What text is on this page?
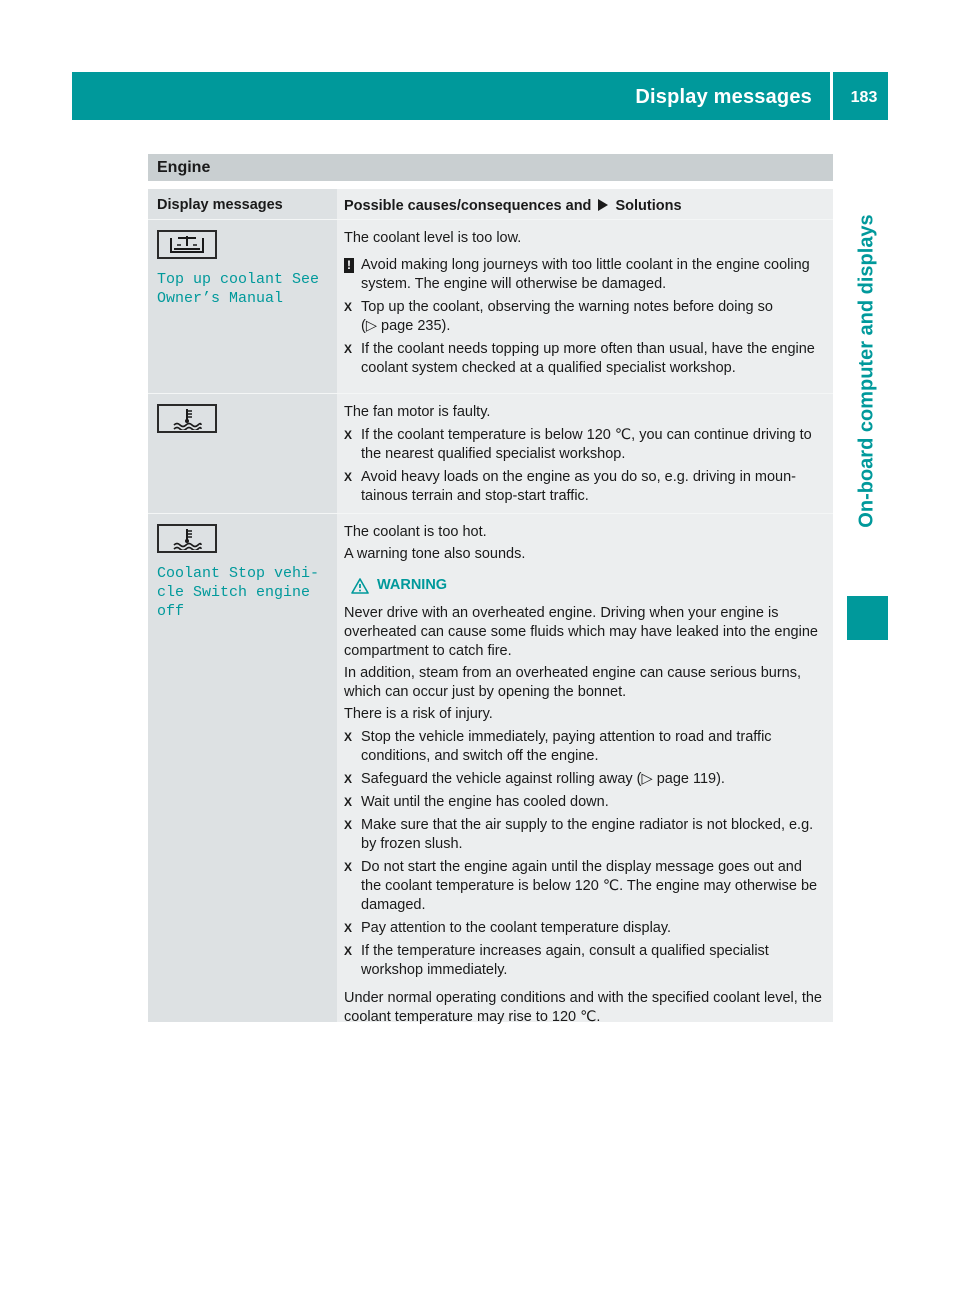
Display messages	183
On-board computer and displays
Engine
Display messages	Possible causes/consequences and Solutions
Top up coolant See
Owner’s Manual

The coolant level is too low.

! Avoid making long journeys with too little coolant in the engine cooling system. The engine will otherwise be damaged.
X Top up the coolant, observing the warning notes before doing so
(▷ page 235).
X If the coolant needs topping up more often than usual, have the engine coolant system checked at a qualified specialist workshop.

The fan motor is faulty.

X If the coolant temperature is below 120 ℃, you can continue driving to the nearest qualified specialist workshop.
X Avoid heavy loads on the engine as you do so, e.g. driving in moun-tainous terrain and stop-start traffic.
Coolant Stop vehi‐
cle Switch engine
off

The coolant is too hot.

A warning tone also sounds.

WARNING

Never drive with an overheated engine. Driving when your engine is overheated can cause some fluids which may have leaked into the engine compartment to catch fire.

In addition, steam from an overheated engine can cause serious burns, which can occur just by opening the bonnet.

There is a risk of injury.

X Stop the vehicle immediately, paying attention to road and traffic conditions, and switch off the engine.
X Safeguard the vehicle against rolling away (▷ page 119).
X Wait until the engine has cooled down.
X Make sure that the air supply to the engine radiator is not blocked, e.g. by frozen slush.
X Do not start the engine again until the display message goes out and the coolant temperature is below 120 ℃. The engine may otherwise be damaged.
X Pay attention to the coolant temperature display.
X If the temperature increases again, consult a qualified specialist workshop immediately.

Under normal operating conditions and with the specified coolant level, the coolant temperature may rise to 120 ℃.
